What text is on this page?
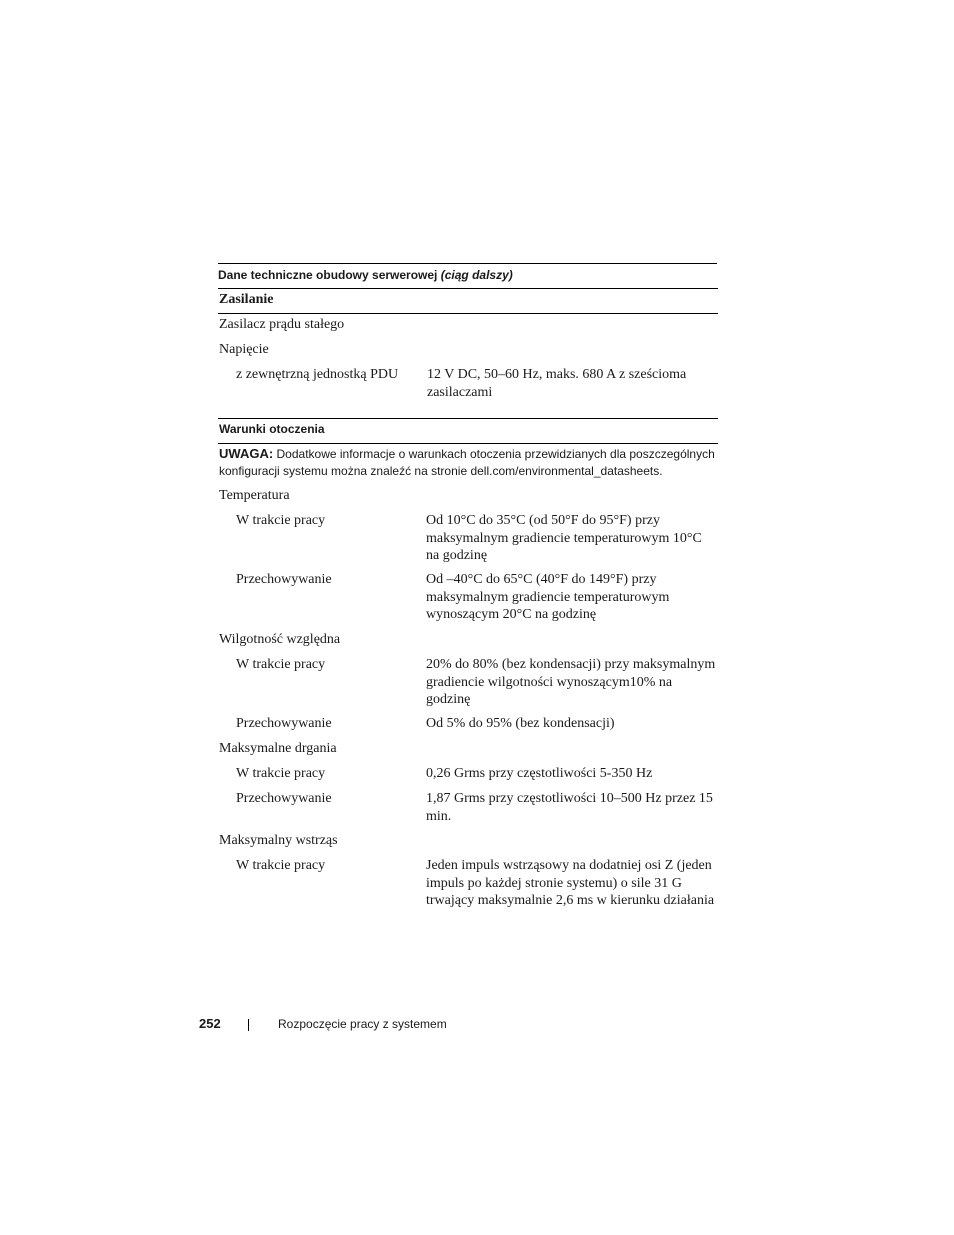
Dane techniczne obudowy serwerowej (ciąg dalszy)
Zasilanie
Zasilacz prądu stałego
Napięcie
z zewnętrzną jednostką PDU 12 V DC, 50–60 Hz, maks. 680 A z sześcioma zasilaczami
Warunki otoczenia
UWAGA: Dodatkowe informacje o warunkach otoczenia przewidzianych dla poszczególnych konfiguracji systemu można znaleźć na stronie dell.com/environmental_datasheets.
Temperatura
W trakcie pracy	Od 10°C do 35°C (od 50°F do 95°F) przy maksymalnym gradiencie temperaturowym 10°C na godzinę
Przechowywanie	Od –40°C do 65°C (40°F do 149°F) przy maksymalnym gradiencie temperaturowym wynoszącym 20°C na godzinę
Wilgotność względna
W trakcie pracy	20% do 80% (bez kondensacji) przy maksymalnym gradiencie wilgotności wynoszącym10% na godzinę
Przechowywanie	Od 5% do 95% (bez kondensacji)
Maksymalne drgania
W trakcie pracy	0,26 Grms przy częstotliwości 5-350 Hz
Przechowywanie	1,87 Grms przy częstotliwości 10–500 Hz przez 15 min.
Maksymalny wstrząs
W trakcie pracy	Jeden impuls wstrząsowy na dodatniej osi Z (jeden impuls po każdej stronie systemu) o sile 31 G trwający maksymalnie 2,6 ms w kierunku działania
252	Rozpoczęcie pracy z systemem
